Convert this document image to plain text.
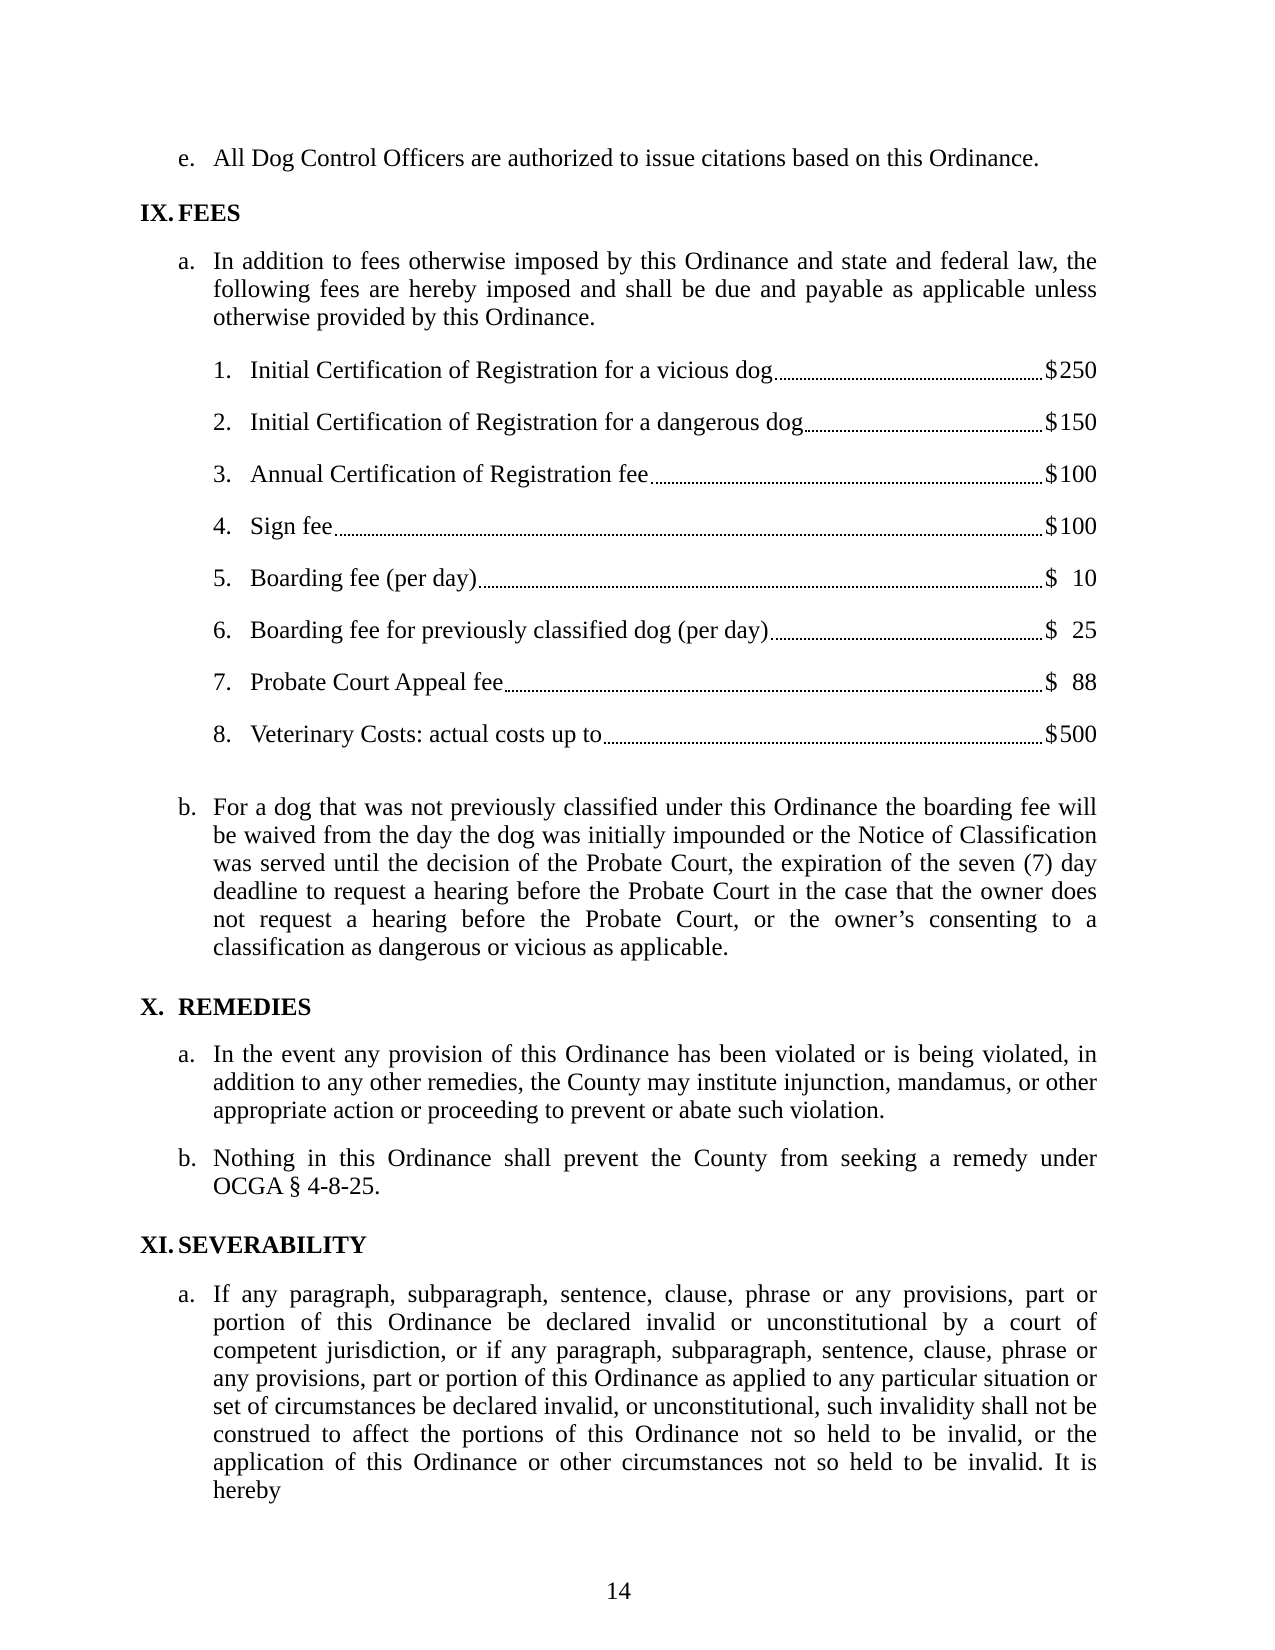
e. All Dog Control Officers are authorized to issue citations based on this Ordinance.
IX. FEES
a. In addition to fees otherwise imposed by this Ordinance and state and federal law, the following fees are hereby imposed and shall be due and payable as applicable unless otherwise provided by this Ordinance.
1. Initial Certification of Registration for a vicious dog	$ 250
2. Initial Certification of Registration for a dangerous dog	$ 150
3. Annual Certification of Registration fee	$ 100
4. Sign fee	$ 100
5. Boarding fee (per day)	$ 10
6. Boarding fee for previously classified dog (per day)	$ 25
7. Probate Court Appeal fee	$ 88
8. Veterinary Costs: actual costs up to	$ 500
b. For a dog that was not previously classified under this Ordinance the boarding fee will be waived from the day the dog was initially impounded or the Notice of Classification was served until the decision of the Probate Court, the expiration of the seven (7) day deadline to request a hearing before the Probate Court in the case that the owner does not request a hearing before the Probate Court, or the owner’s consenting to a classification as dangerous or vicious as applicable.
X. REMEDIES
a. In the event any provision of this Ordinance has been violated or is being violated, in addition to any other remedies, the County may institute injunction, mandamus, or other appropriate action or proceeding to prevent or abate such violation.
b. Nothing in this Ordinance shall prevent the County from seeking a remedy under OCGA § 4-8-25.
XI. SEVERABILITY
a. If any paragraph, subparagraph, sentence, clause, phrase or any provisions, part or portion of this Ordinance be declared invalid or unconstitutional by a court of competent jurisdiction, or if any paragraph, subparagraph, sentence, clause, phrase or any provisions, part or portion of this Ordinance as applied to any particular situation or set of circumstances be declared invalid, or unconstitutional, such invalidity shall not be construed to affect the portions of this Ordinance not so held to be invalid, or the application of this Ordinance or other circumstances not so held to be invalid. It is hereby
14
